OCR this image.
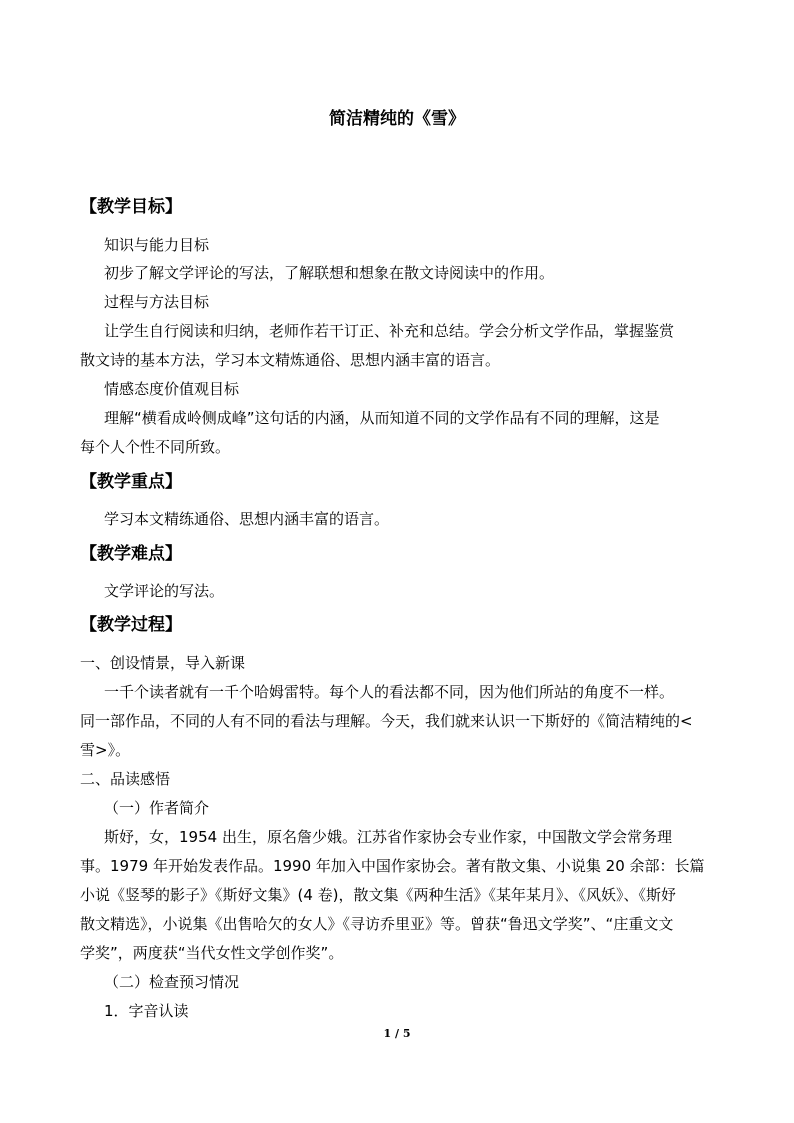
简洁精纯的《雪》
【教学目标】
知识与能力目标
初步了解文学评论的写法，了解联想和想象在散文诗阅读中的作用。
过程与方法目标
让学生自行阅读和归纳，老师作若干订正、补充和总结。学会分析文学作品，掌握鉴赏
散文诗的基本方法，学习本文精炼通俗、思想内涵丰富的语言。
情感态度价值观目标
理解“横看成岭侧成峰”这句话的内涵，从而知道不同的文学作品有不同的理解，这是
每个人个性不同所致。
【教学重点】
学习本文精练通俗、思想内涵丰富的语言。
【教学难点】
文学评论的写法。
【教学过程】
一、创设情景，导入新课
一千个读者就有一千个哈姆雷特。每个人的看法都不同，因为他们所站的角度不一样。
同一部作品，不同的人有不同的看法与理解。今天，我们就来认识一下斯妤的《简洁精纯的<
雪>》。
二、品读感悟
（一）作者简介
斯妤，女，1954 出生，原名詹少娥。江苏省作家协会专业作家，中国散文学会常务理
事。1979 年开始发表作品。1990 年加入中国作家协会。著有散文集、小说集 20 余部：长篇
小说《竖琴的影子》《斯妤文集》(4 卷)，散文集《两种生活》《某年某月》、《风妖》、《斯妤
散文精选》，小说集《出售哈欠的女人》《寻访乔里亚》等。曾获“鲁迅文学奖”、“庄重文文
学奖”，两度获“当代女性文学创作奖”。
（二）检查预习情况
1．字音认读
1 / 5
